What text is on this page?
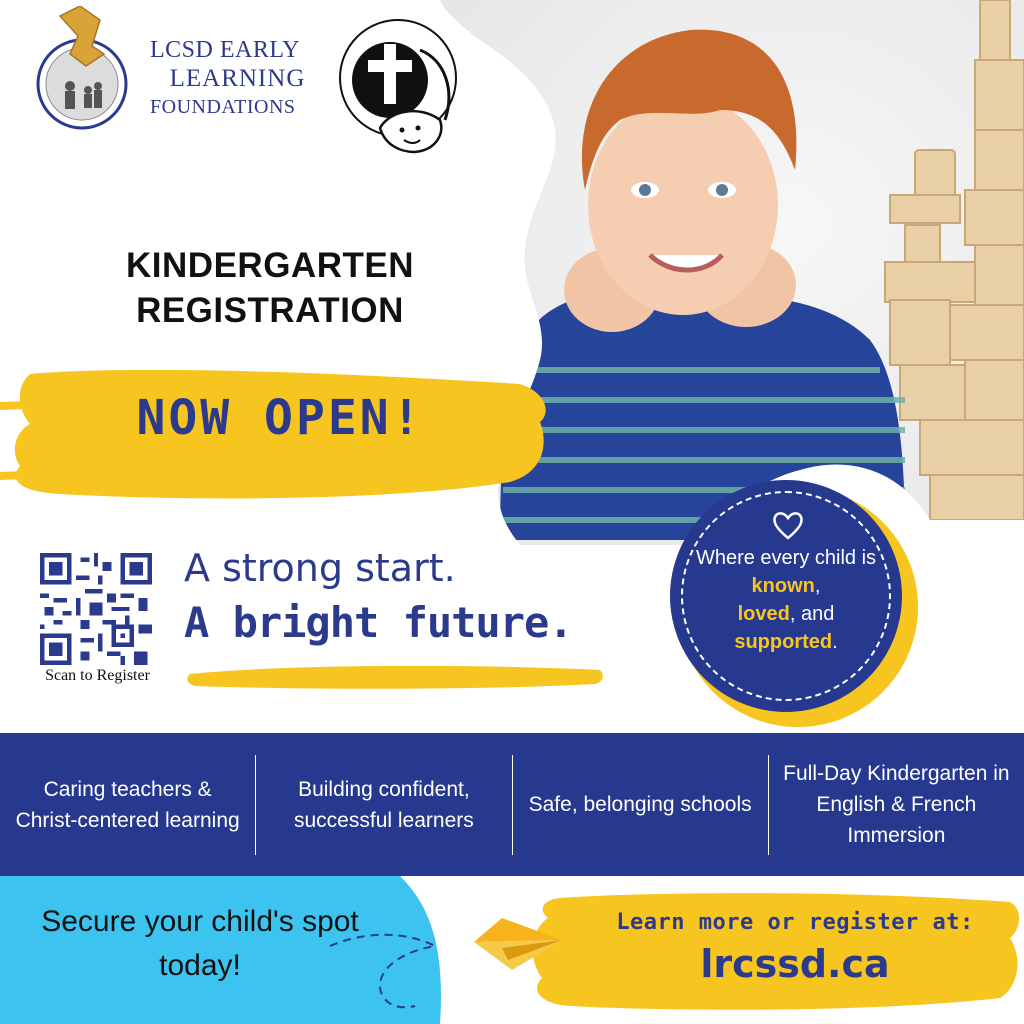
LCSD EARLY
LEARNING
FOUNDATIONS
KINDERGARTEN
REGISTRATION
NOW OPEN!
Scan to Register
A strong start.
A bright future.
Where every child is known,
loved, and
supported.
Caring teachers & Christ-centered learning
Building confident, successful learners
Safe, belonging schools
Full-Day Kindergarten in English & French Immersion
Secure your child's spot today!
Learn more or register at:
lrcssd.ca
